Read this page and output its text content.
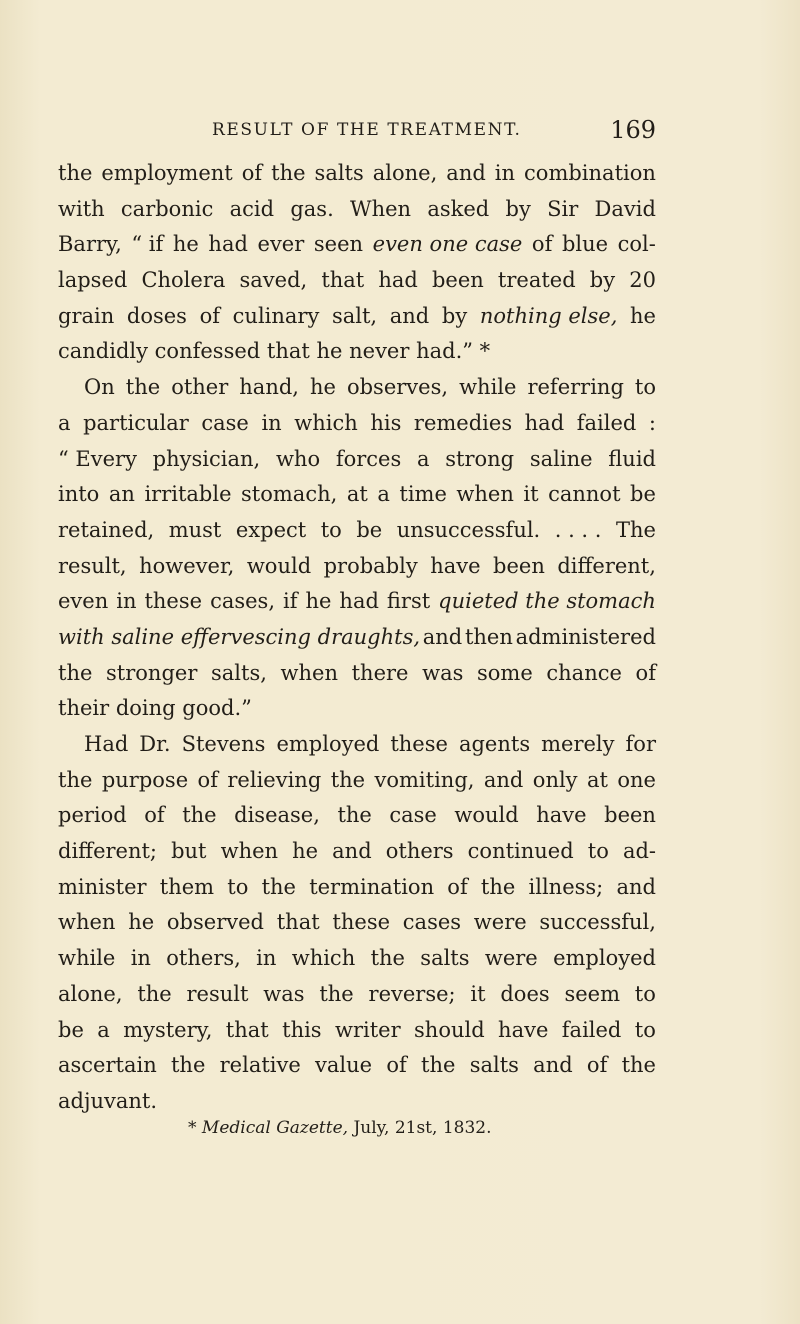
RESULT OF THE TREATMENT.	169
the employment of the salts alone, and in combination
with carbonic acid gas. When asked by Sir David
Barry, “ if he had ever seen even one case of blue col-
lapsed Cholera saved, that had been treated by 20
grain doses of culinary salt, and by nothing else, he
candidly confessed that he never had.” *
On the other hand, he observes, while referring to
a particular case in which his remedies had failed :
“ Every physician, who forces a strong saline fluid
into an irritable stomach, at a time when it cannot be
retained, must expect to be unsuccessful. . . . . The
result, however, would probably have been different,
even in these cases, if he had first quieted the stomach
with saline effervescing draughts, and then administered
the stronger salts, when there was some chance of
their doing good.”
Had Dr. Stevens employed these agents merely for
the purpose of relieving the vomiting, and only at one
period of the disease, the case would have been
different; but when he and others continued to ad-
minister them to the termination of the illness; and
when he observed that these cases were successful,
while in others, in which the salts were employed
alone, the result was the reverse; it does seem to
be a mystery, that this writer should have failed to
ascertain the relative value of the salts and of the
adjuvant.
* Medical Gazette, July, 21st, 1832.
